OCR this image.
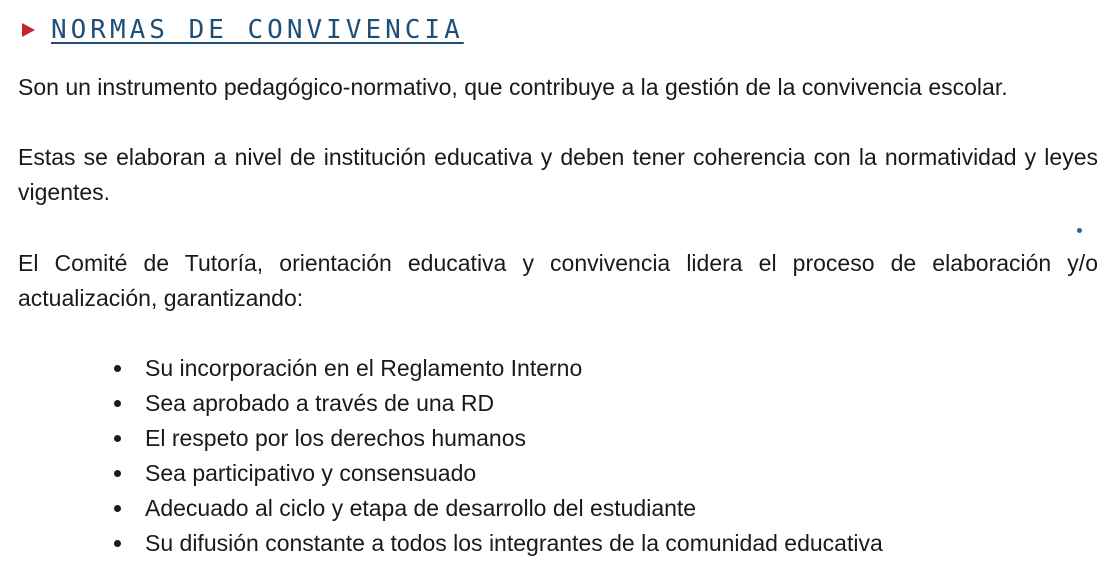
NORMAS DE CONVIVENCIA

Son un instrumento pedagógico-normativo, que contribuye a la gestión de la convivencia escolar.

Estas se elaboran a nivel de institución educativa y deben tener coherencia con la normatividad y leyes vigentes.

El Comité de Tutoría, orientación educativa y convivencia lidera el proceso de elaboración y/o actualización, garantizando:

Su incorporación en el Reglamento Interno
Sea aprobado a través de una RD
El respeto por los derechos humanos
Sea participativo y consensuado
Adecuado al ciclo y etapa de desarrollo del estudiante
Su difusión constante a todos los integrantes de la comunidad educativa
